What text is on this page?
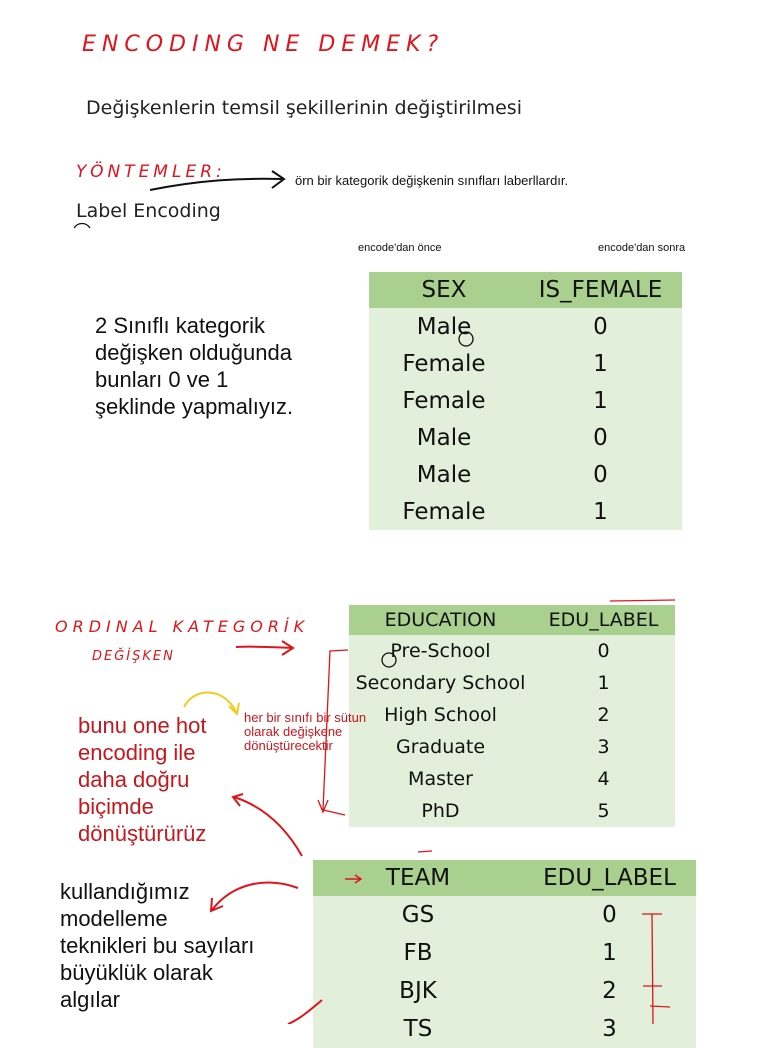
ENCODING NE DEMEK?
Değişkenlerin temsil şekillerinin değiştirilmesi
YÖNTEMLER:	örn bir kategorik değişkenin sınıfları laberllardır.
Label Encoding
encode'dan önce	encode'dan sonra
2 Sınıflı kategorik değişken olduğunda bunları 0 ve 1 şeklinde yapmalıyız.
SEX	IS_FEMALE
Male	0
Female	1
Female	1
Male	0
Male	0
Female	1
ORDINAL KATEGORİK
DEĞİŞKEN
EDUCATION	EDU_LABEL
Pre-School	0
Secondary School	1
High School	2
Graduate	3
Master	4
PhD	5
bunu one hot encoding ile daha doğru biçimde dönüştürürüz
her bir sınıfı bir sütun olarak değişkene dönüştürecektir
kullandığımız modelleme teknikleri bu sayıları büyüklük olarak algılar
TEAM	EDU_LABEL
GS	0
FB	1
BJK	2
TS	3
